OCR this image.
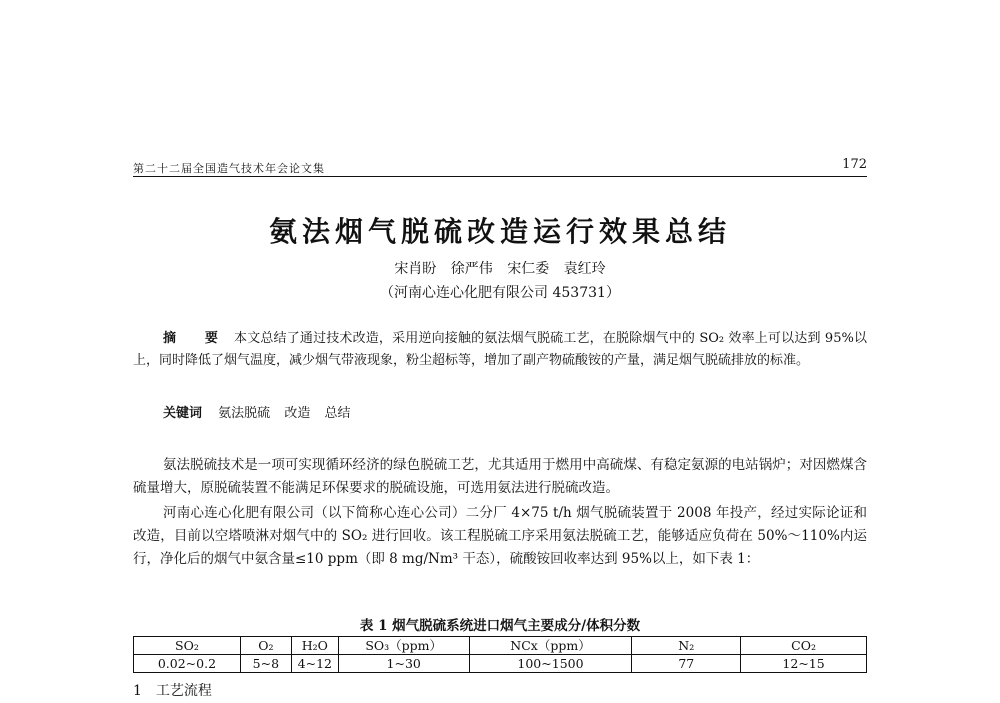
第二十二届全国造气技术年会论文集	172
氨法烟气脱硫改造运行效果总结
宋肖盼 徐严伟 宋仁委 袁红玲
（河南心连心化肥有限公司 453731）

摘 要 本文总结了通过技术改造，采用逆向接触的氨法烟气脱硫工艺，在脱除烟气中的 SO₂ 效率上可以达到 95%以上，同时降低了烟气温度，减少烟气带液现象，粉尘超标等，增加了副产物硫酸铵的产量，满足烟气脱硫排放的标准。

关键词 氨法脱硫 改造 总结

氨法脱硫技术是一项可实现循环经济的绿色脱硫工艺，尤其适用于燃用中高硫煤、有稳定氨源的电站锅炉；对因燃煤含硫量增大，原脱硫装置不能满足环保要求的脱硫设施，可选用氨法进行脱硫改造。

河南心连心化肥有限公司（以下简称心连心公司）二分厂 4×75 t/h 烟气脱硫装置于 2008 年投产，经过实际论证和改造，目前以空塔喷淋对烟气中的 SO₂ 进行回收。该工程脱硫工序采用氨法脱硫工艺，能够适应负荷在 50%～110%内运行，净化后的烟气中氨含量≤10 ppm（即 8 mg/Nm³ 干态），硫酸铵回收率达到 95%以上，如下表 1：

表 1 烟气脱硫系统进口烟气主要成分/体积分数
SO₂	O₂	H₂O	SO₃（ppm）	NCx（ppm）	N₂	CO₂
0.02~0.2	5~8	4~12	1~30	100~1500	77	12~15
1 工艺流程
